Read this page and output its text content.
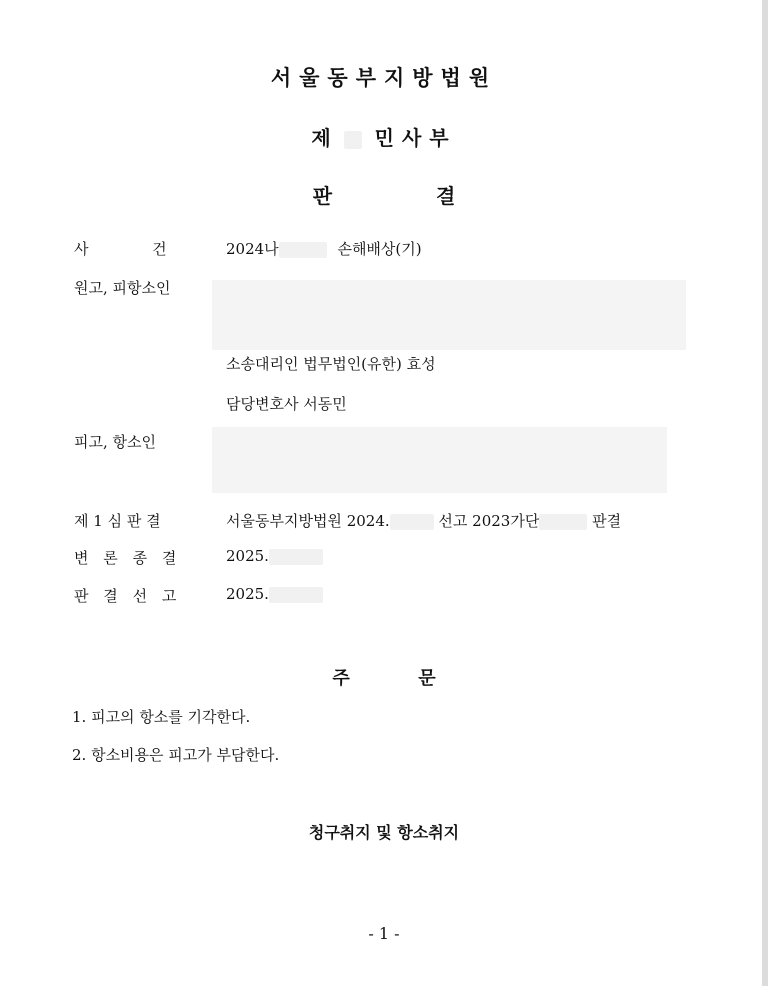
서울동부지방법원
제 민사부
판	결
사	건	2024나	손해배상(기)
원고, 피항소인
소송대리인 법무법인(유한) 효성
담당변호사 서동민
피고, 항소인
제 1 심 판 결	서울동부지방법원 2024.	선고 2023가단	판결
변 론 종 결	2025.
판 결 선 고	2025.
주	문
1. 피고의 항소를 기각한다.
2. 항소비용은 피고가 부담한다.
청구취지 및 항소취지
- 1 -
